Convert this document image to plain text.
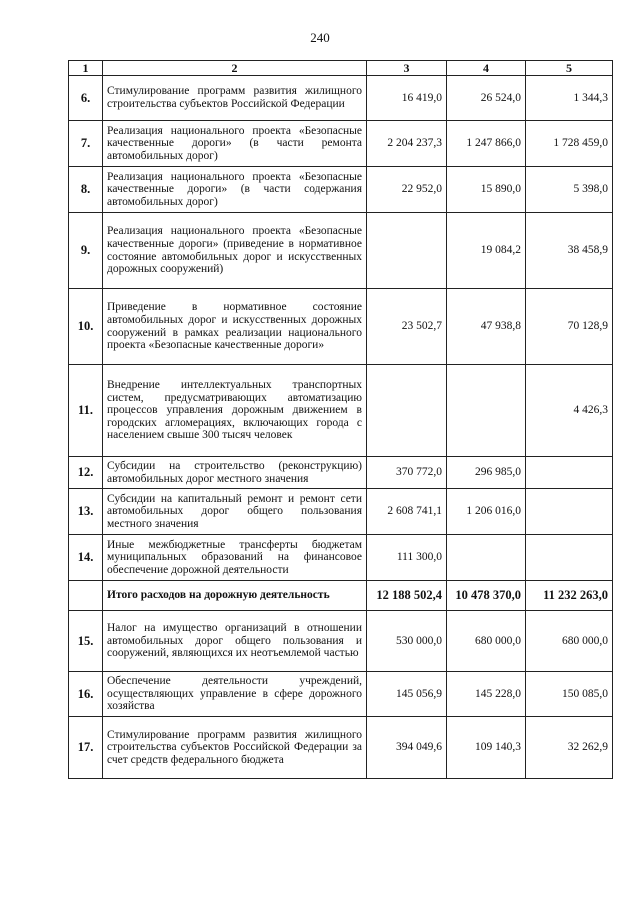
240
1	2	3	4	5
6.	Стимулирование программ развития жилищного строительства субъектов Российской Федерации	16 419,0	26 524,0	1 344,3
7.	Реализация национального проекта «Безопасные качественные дороги» (в части ремонта автомобильных дорог)	2 204 237,3	1 247 866,0	1 728 459,0
8.	Реализация национального проекта «Безопасные качественные дороги» (в части содержания автомобильных дорог)	22 952,0	15 890,0	5 398,0
9.	Реализация национального проекта «Безопасные качественные дороги» (приведение в нормативное состояние автомобильных дорог и искусственных дорожных сооружений)		19 084,2	38 458,9
10.	Приведение в нормативное состояние автомобильных дорог и искусственных дорожных сооружений в рамках реализации национального проекта «Безопасные качественные дороги»	23 502,7	47 938,8	70 128,9
11.	Внедрение интеллектуальных транспортных систем, предусматривающих автоматизацию процессов управления дорожным движением в городских агломерациях, включающих города с населением свыше 300 тысяч человек			4 426,3
12.	Субсидии на строительство (реконструкцию) автомобильных дорог местного значения	370 772,0	296 985,0	
13.	Субсидии на капитальный ремонт и ремонт сети автомобильных дорог общего пользования местного значения	2 608 741,1	1 206 016,0	
14.	Иные межбюджетные трансферты бюджетам муниципальных образований на финансовое обеспечение дорожной деятельности	111 300,0		
	Итого расходов на дорожную деятельность	12 188 502,4	10 478 370,0	11 232 263,0
15.	Налог на имущество организаций в отношении автомобильных дорог общего пользования и сооружений, являющихся их неотъемлемой частью	530 000,0	680 000,0	680 000,0
16.	Обеспечение деятельности учреждений, осуществляющих управление в сфере дорожного хозяйства	145 056,9	145 228,0	150 085,0
17.	Стимулирование программ развития жилищного строительства субъектов Российской Федерации за счет средств федерального бюджета	394 049,6	109 140,3	32 262,9
